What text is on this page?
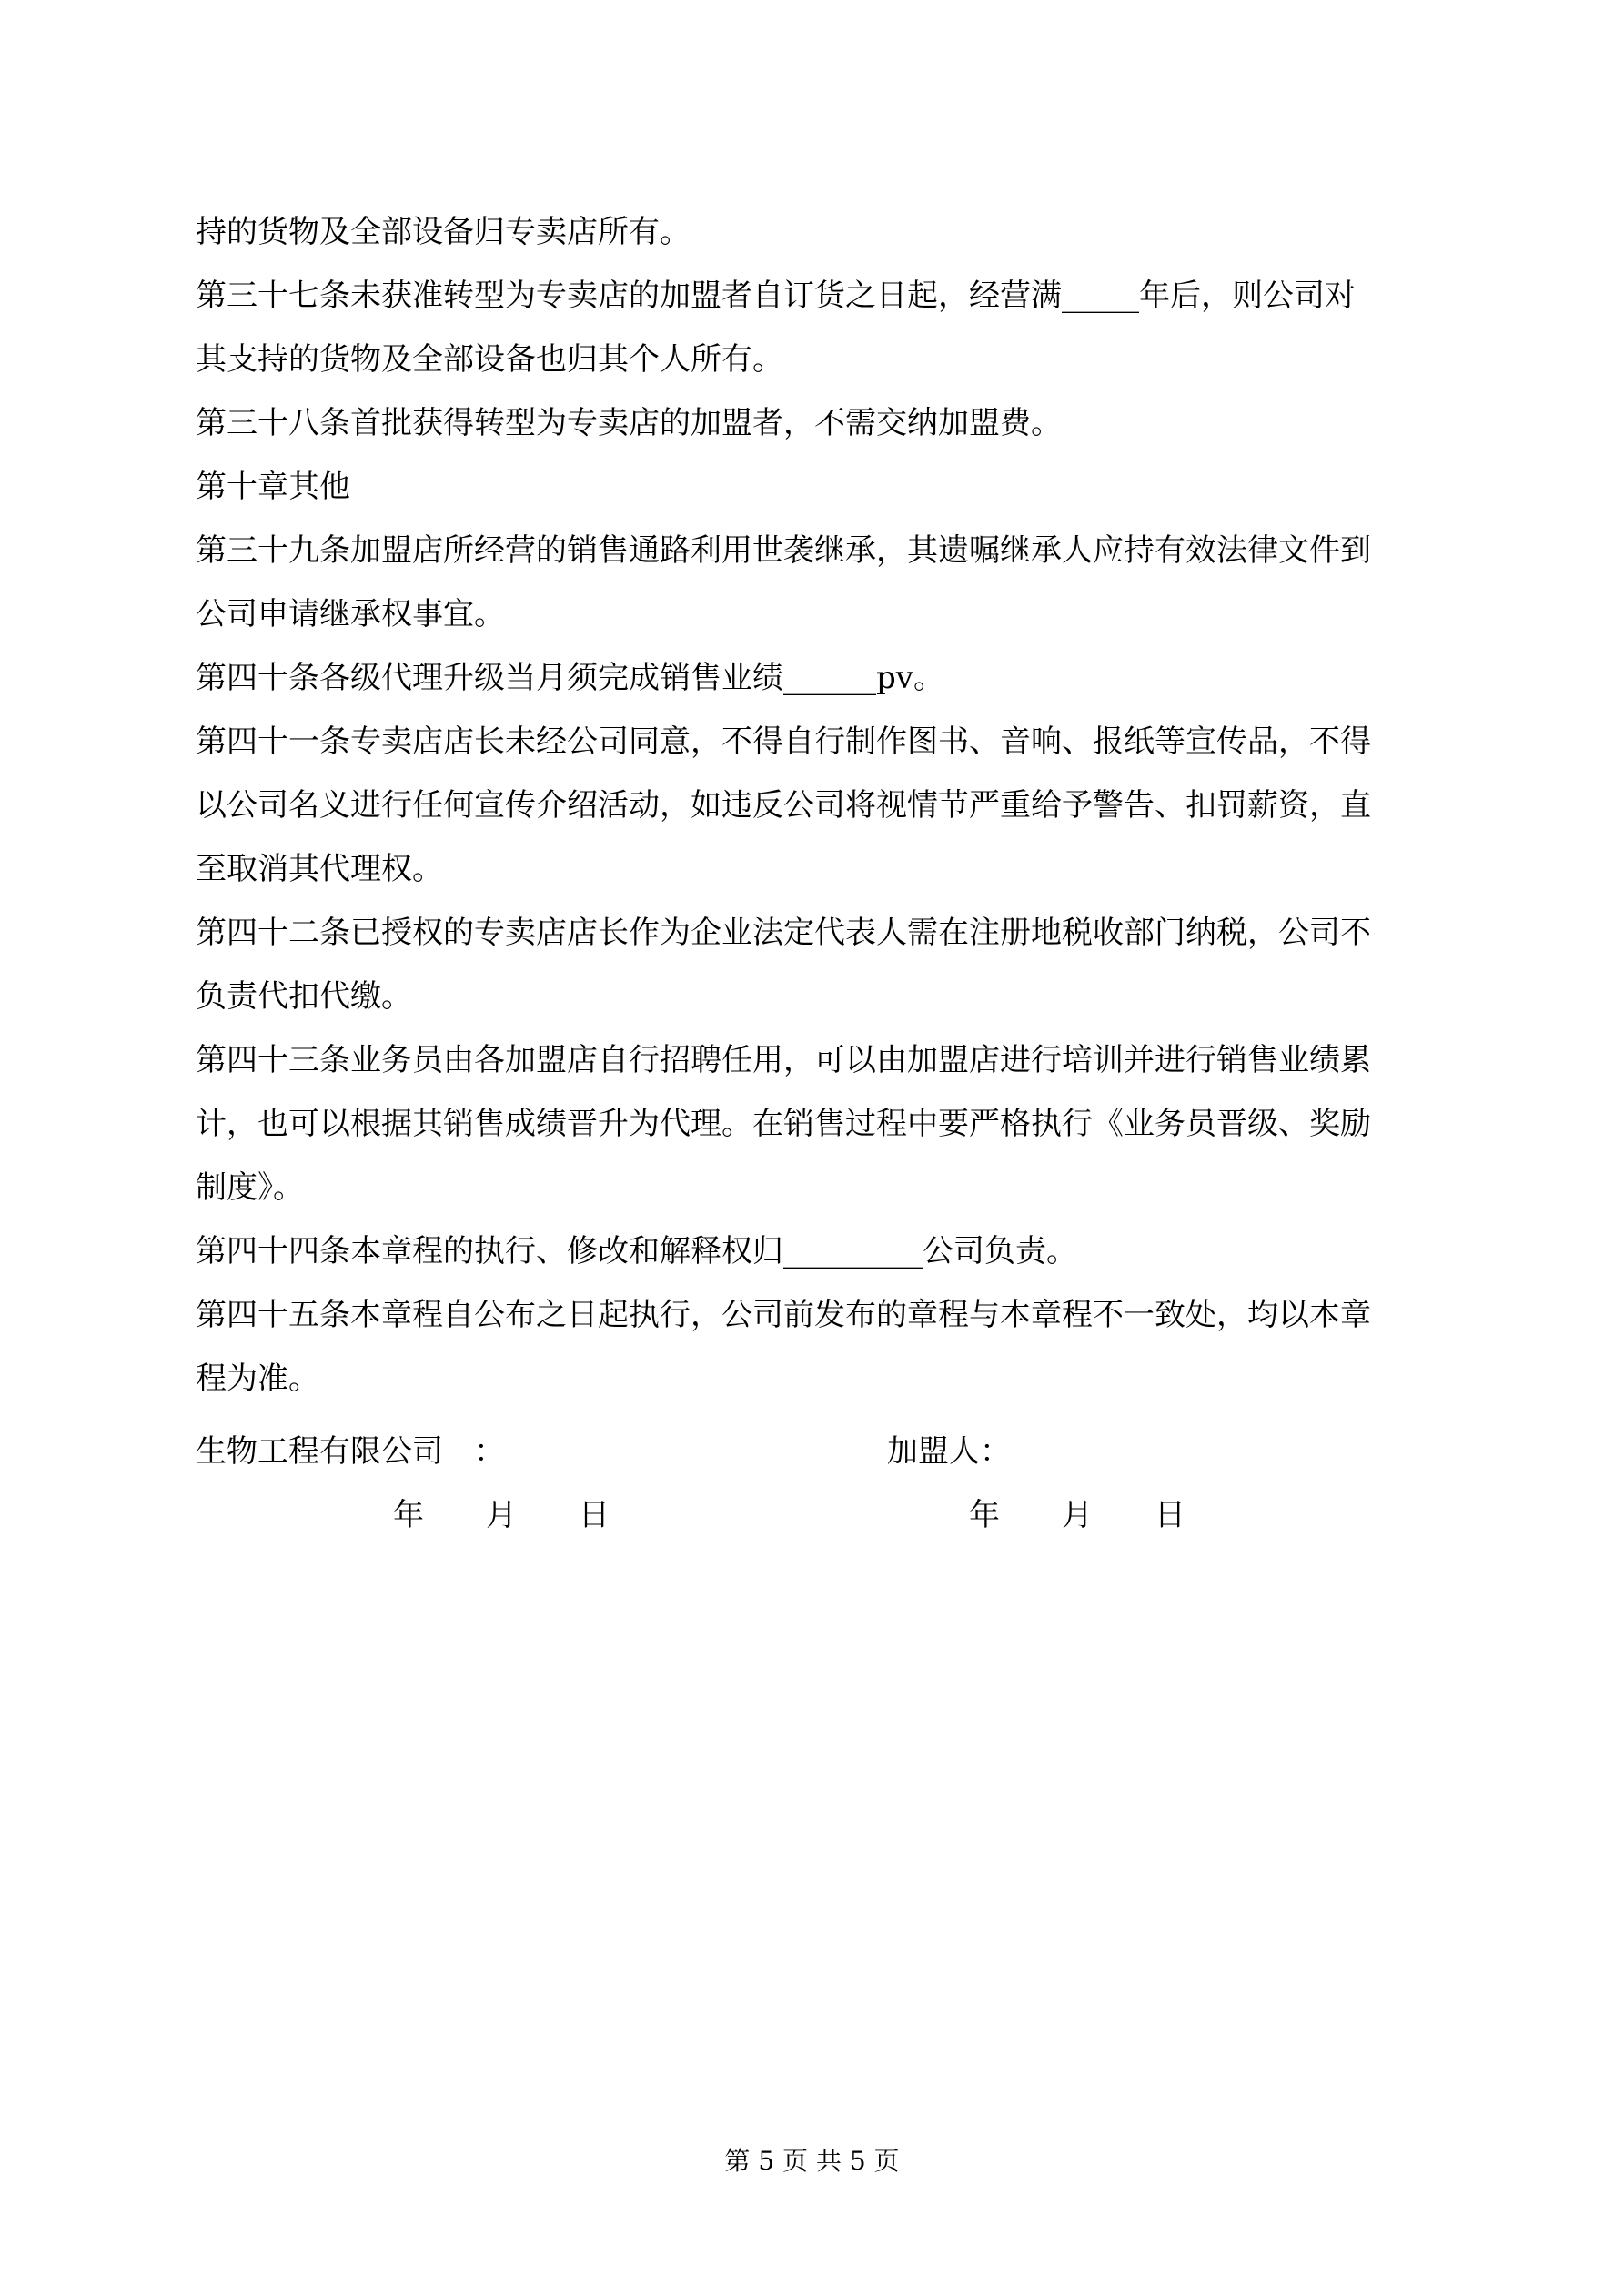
持的货物及全部设备归专卖店所有。
第三十七条未获准转型为专卖店的加盟者自订货之日起，经营满_____年后，则公司对
其支持的货物及全部设备也归其个人所有。
第三十八条首批获得转型为专卖店的加盟者，不需交纳加盟费。
第十章其他
第三十九条加盟店所经营的销售通路利用世袭继承，其遗嘱继承人应持有效法律文件到
公司申请继承权事宜。
第四十条各级代理升级当月须完成销售业绩______pv。
第四十一条专卖店店长未经公司同意，不得自行制作图书、音响、报纸等宣传品，不得
以公司名义进行任何宣传介绍活动，如违反公司将视情节严重给予警告、扣罚薪资，直
至取消其代理权。
第四十二条已授权的专卖店店长作为企业法定代表人需在注册地税收部门纳税，公司不
负责代扣代缴。
第四十三条业务员由各加盟店自行招聘任用，可以由加盟店进行培训并进行销售业绩累
计，也可以根据其销售成绩晋升为代理。在销售过程中要严格执行《业务员晋级、奖励
制度》。
第四十四条本章程的执行、修改和解释权归_________公司负责。
第四十五条本章程自公布之日起执行，公司前发布的章程与本章程不一致处，均以本章
程为准。
生物工程有限公司　：	加盟人：
年　　月　　日	年　　月　　日
第 5 页 共 5 页
